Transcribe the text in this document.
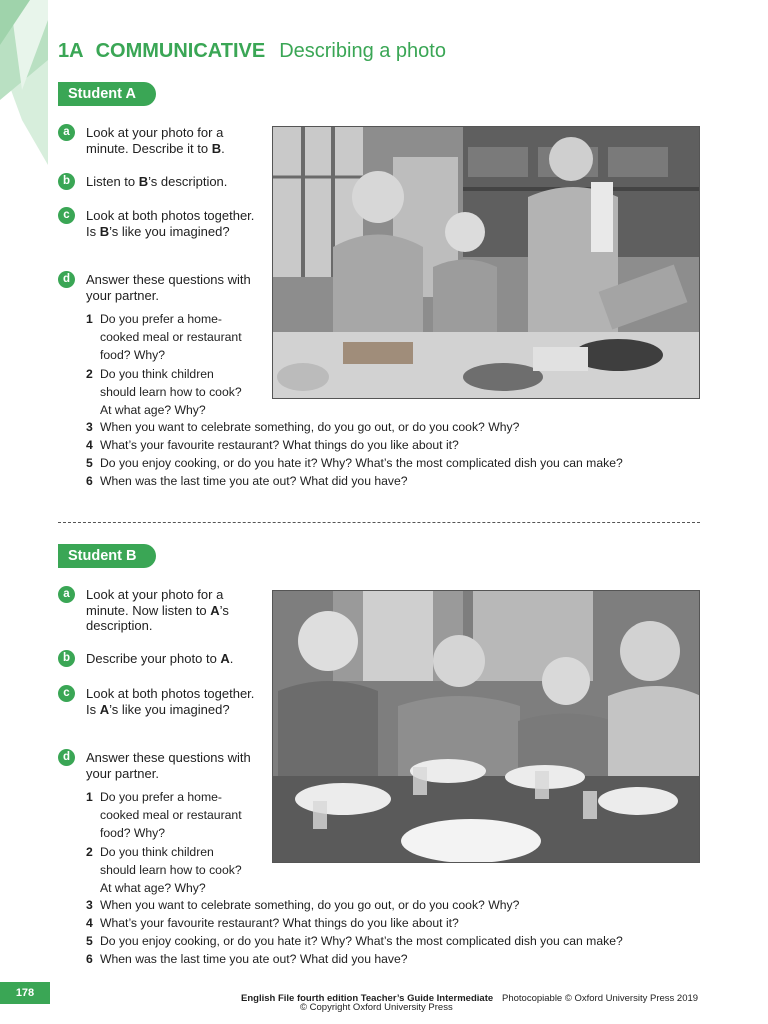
1A COMMUNICATIVE Describing a photo
Student A
a	Look at your photo for a minute. Describe it to B.
b	Listen to B’s description.
c	Look at both photos together. Is B’s like you imagined?
d	Answer these questions with your partner.
1 Do you prefer a home-cooked meal or restaurant food? Why?
2 Do you think children should learn how to cook? At what age? Why?
3 When you want to celebrate something, do you go out, or do you cook? Why?
4 What’s your favourite restaurant? What things do you like about it?
5 Do you enjoy cooking, or do you hate it? Why? What’s the most complicated dish you can make?
6 When was the last time you ate out? What did you have?
Student B
a	Look at your photo for a minute. Now listen to A’s description.
b	Describe your photo to A.
c	Look at both photos together. Is A’s like you imagined?
d	Answer these questions with your partner.
1 Do you prefer a home-cooked meal or restaurant food? Why?
2 Do you think children should learn how to cook? At what age? Why?
3 When you want to celebrate something, do you go out, or do you cook? Why?
4 What’s your favourite restaurant? What things do you like about it?
5 Do you enjoy cooking, or do you hate it? Why? What’s the most complicated dish you can make?
6 When was the last time you ate out? What did you have?
178	English File fourth edition Teacher’s Guide Intermediate Photocopiable © Oxford University Press 2019
© Copyright Oxford University Press
